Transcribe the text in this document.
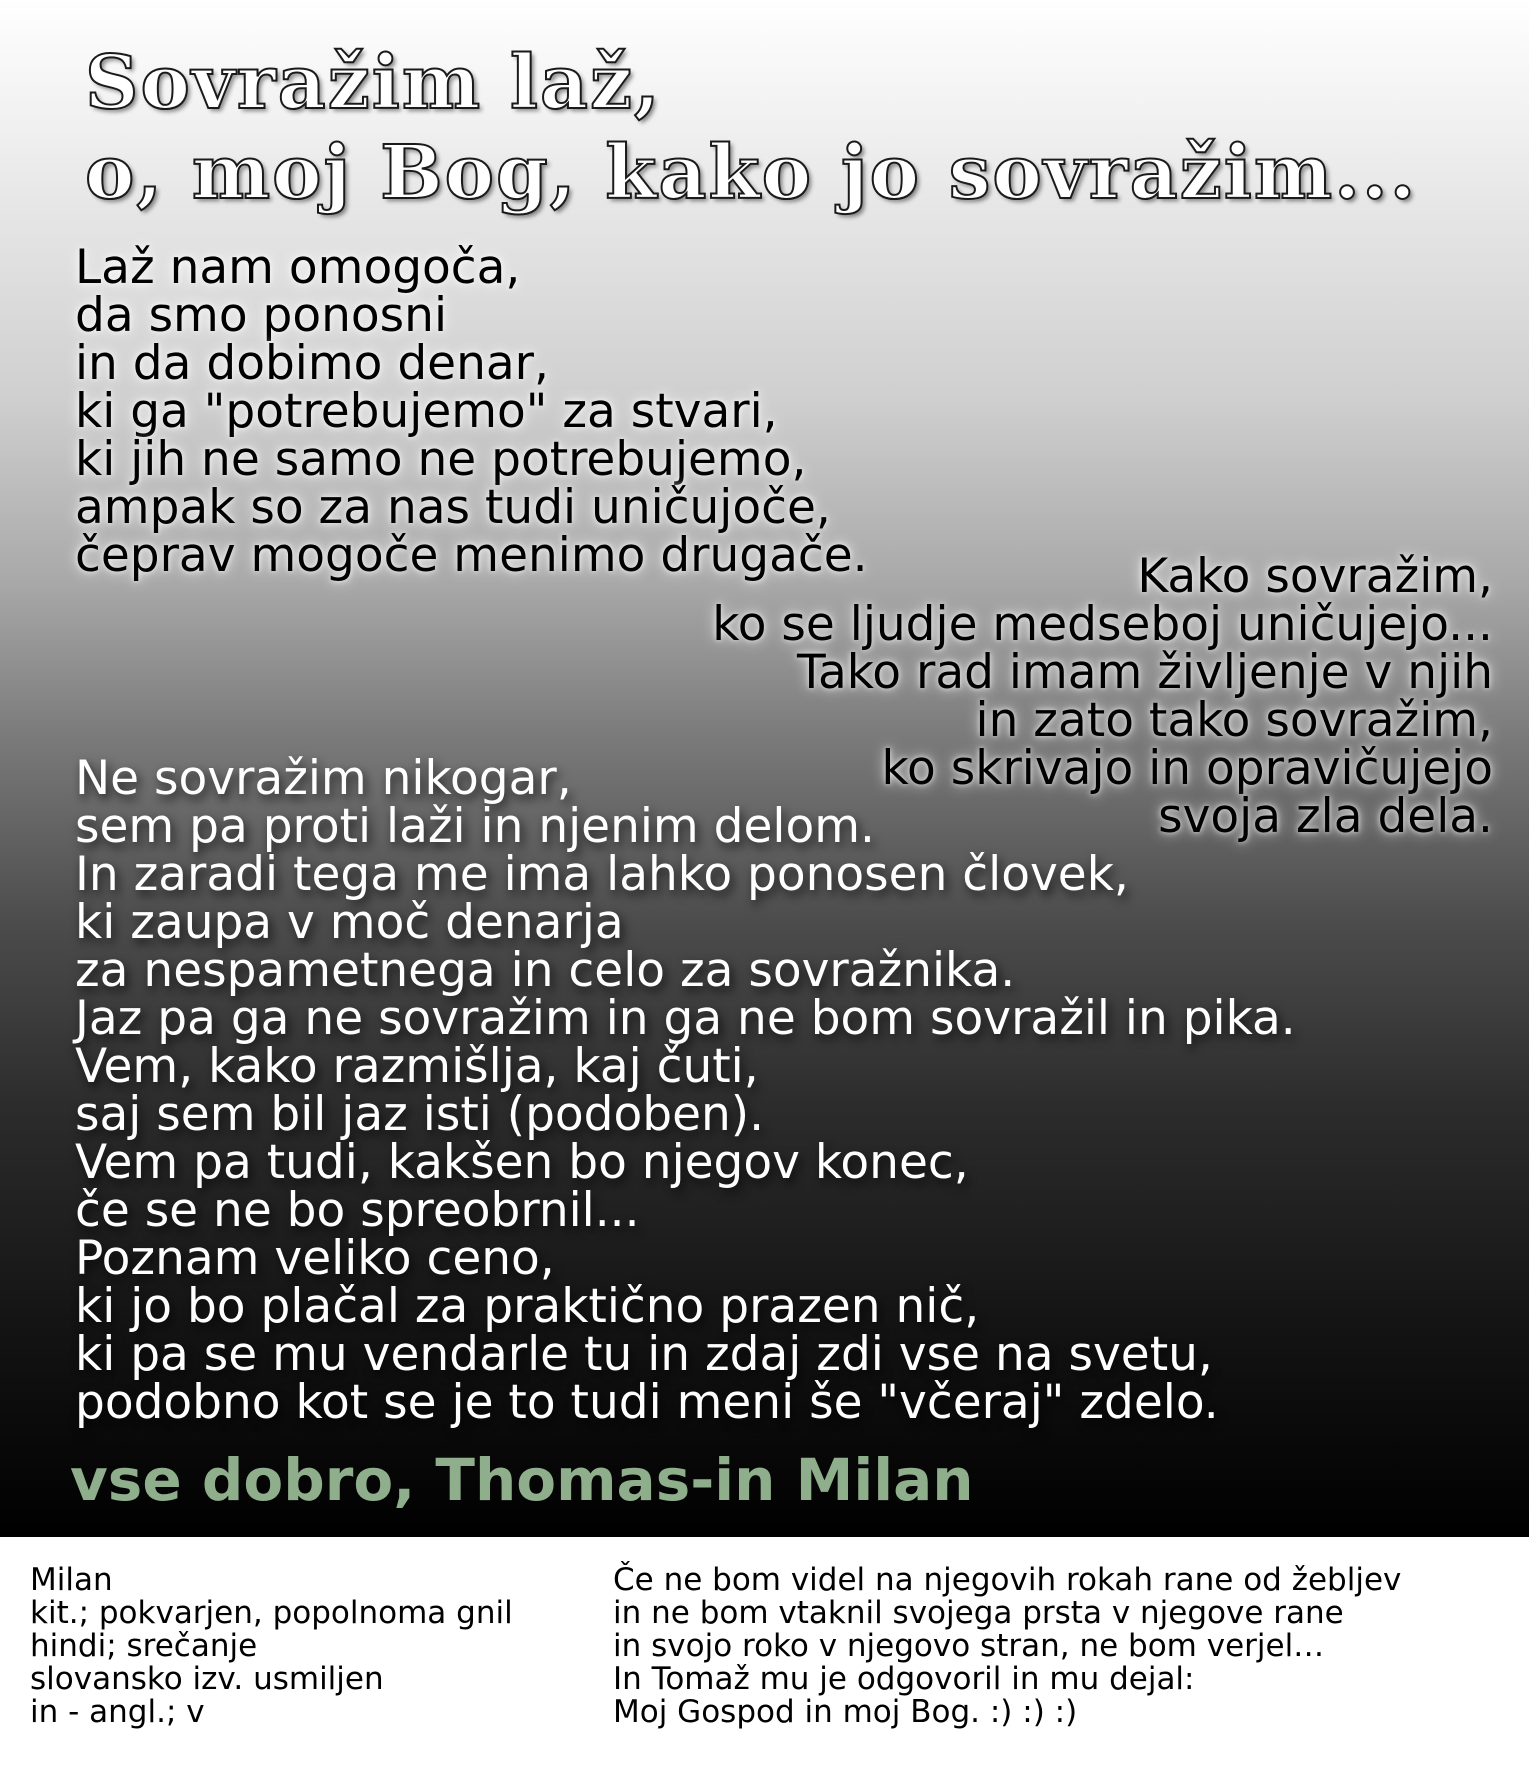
Sovražim laž,
o, moj Bog, kako jo sovražim...
Laž nam omogoča,
da smo ponosni
in da dobimo denar,
ki ga "potrebujemo" za stvari,
ki jih ne samo ne potrebujemo,
ampak so za nas tudi uničujoče,
čeprav mogoče menimo drugače.	Kako sovražim,
ko se ljudje medseboj uničujejo...
Tako rad imam življenje v njih
in zato tako sovražim,
ko skrivajo in opravičujejo
svoja zla dela.
Ne sovražim nikogar,
sem pa proti laži in njenim delom.
In zaradi tega me ima lahko ponosen človek,
ki zaupa v moč denarja
za nespametnega in celo za sovražnika.
Jaz pa ga ne sovražim in ga ne bom sovražil in pika.
Vem, kako razmišlja, kaj čuti,
saj sem bil jaz isti (podoben).
Vem pa tudi, kakšen bo njegov konec,
če se ne bo spreobrnil...
Poznam veliko ceno,
ki jo bo plačal za praktično prazen nič,
ki pa se mu vendarle tu in zdaj zdi vse na svetu,
podobno kot se je to tudi meni še "včeraj" zdelo.

vse dobro, Thomas-in Milan

Milan
kit.; pokvarjen, popolnoma gnil
hindi; srečanje
slovansko izv. usmiljen
in - angl.; v
Če ne bom videl na njegovih rokah rane od žebljev
in ne bom vtaknil svojega prsta v njegove rane
in svojo roko v njegovo stran, ne bom verjel…
In Tomaž mu je odgovoril in mu dejal:
Moj Gospod in moj Bog. :) :) :)
